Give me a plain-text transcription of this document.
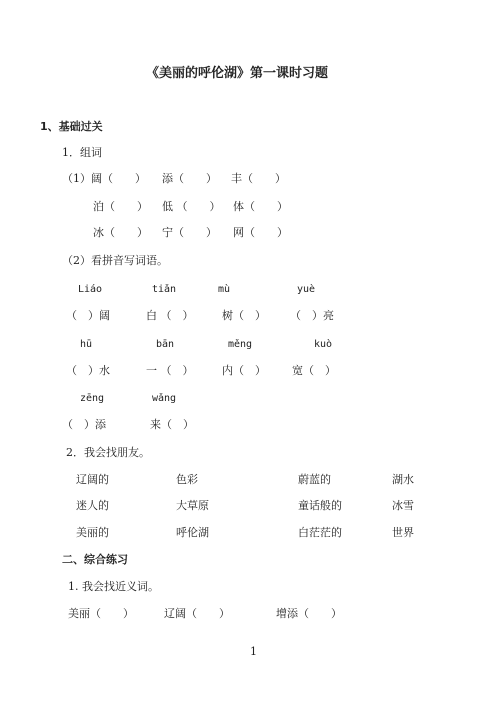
《美丽的呼伦湖》第一课时习题
1、基础过关
1．组词
（1）阔（　　） 添（　　） 丰（　　）
泊（　　） 低 （　　） 体（　　）
冰（　　） 宁（　　） 网（　　）
（2）看拼音写词语。
Liáo	tiǎn	mù	yuè
（　）阔	白 （　）	树（　） （　）亮
hū	bān	měng	kuò
（　）水	一 （　）	内（　） 宽（　）
zēng	wǎng
（　）添	来（　）
2．我会找朋友。
辽阔的	色彩	蔚蓝的	湖水
迷人的	大草原	童话般的	冰雪
美丽的	呼伦湖	白茫茫的	世界
二、综合练习
1. 我会找近义词。
美丽（　　）	辽阔（　　）	增添（　　）
1
